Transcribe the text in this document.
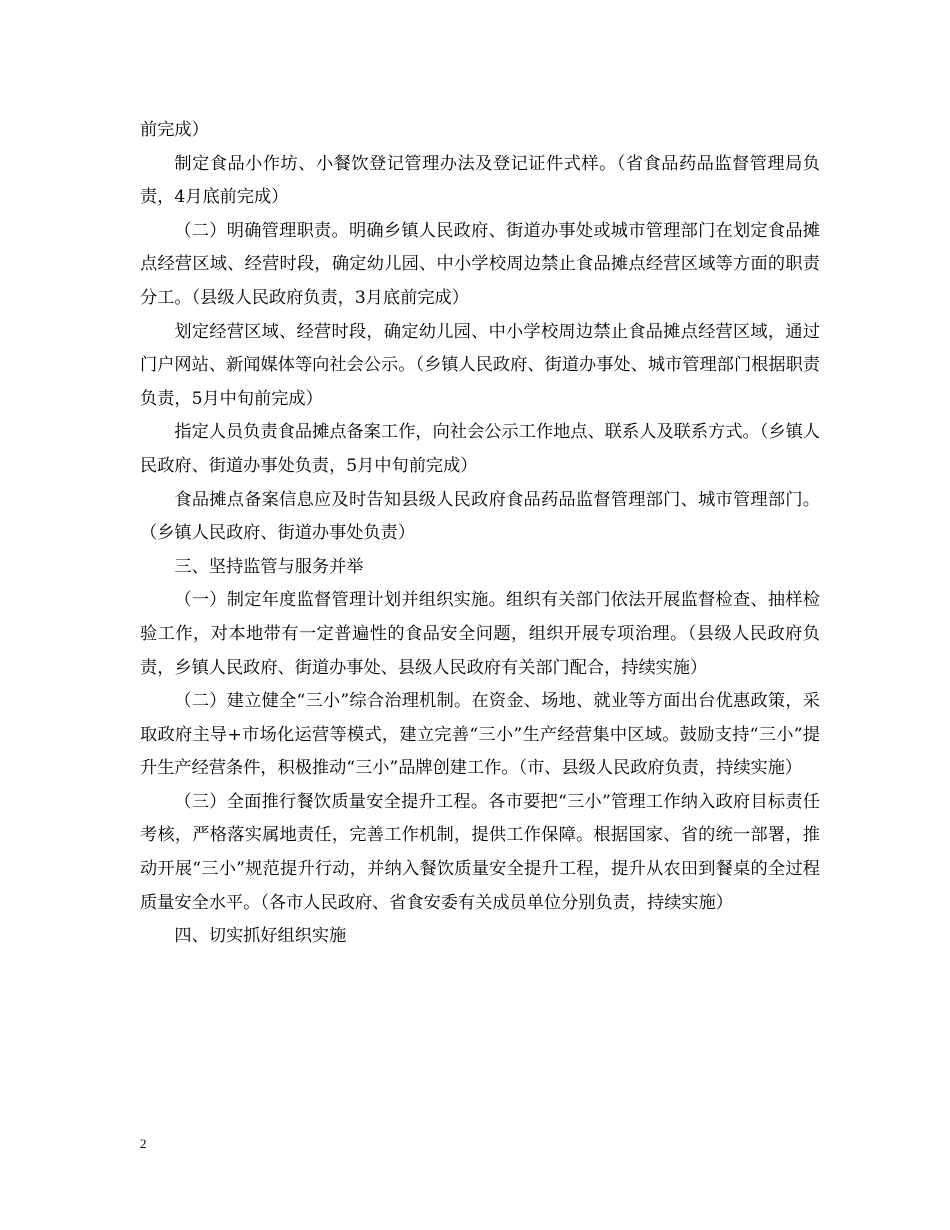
前完成）

制定食品小作坊、小餐饮登记管理办法及登记证件式样。（省食品药品监督管理局负责，4月底前完成）

（二）明确管理职责。明确乡镇人民政府、街道办事处或城市管理部门在划定食品摊点经营区域、经营时段，确定幼儿园、中小学校周边禁止食品摊点经营区域等方面的职责分工。（县级人民政府负责，3月底前完成）

划定经营区域、经营时段，确定幼儿园、中小学校周边禁止食品摊点经营区域，通过门户网站、新闻媒体等向社会公示。（乡镇人民政府、街道办事处、城市管理部门根据职责负责，5月中旬前完成）

指定人员负责食品摊点备案工作，向社会公示工作地点、联系人及联系方式。（乡镇人民政府、街道办事处负责，5月中旬前完成）

食品摊点备案信息应及时告知县级人民政府食品药品监督管理部门、城市管理部门。（乡镇人民政府、街道办事处负责）

三、坚持监管与服务并举

（一）制定年度监督管理计划并组织实施。组织有关部门依法开展监督检查、抽样检验工作，对本地带有一定普遍性的食品安全问题，组织开展专项治理。（县级人民政府负责，乡镇人民政府、街道办事处、县级人民政府有关部门配合，持续实施）

（二）建立健全“三小”综合治理机制。在资金、场地、就业等方面出台优惠政策，采取政府主导+市场化运营等模式，建立完善“三小”生产经营集中区域。鼓励支持“三小”提升生产经营条件，积极推动“三小”品牌创建工作。（市、县级人民政府负责，持续实施）

（三）全面推行餐饮质量安全提升工程。各市要把“三小”管理工作纳入政府目标责任考核，严格落实属地责任，完善工作机制，提供工作保障。根据国家、省的统一部署，推动开展“三小”规范提升行动，并纳入餐饮质量安全提升工程，提升从农田到餐桌的全过程质量安全水平。（各市人民政府、省食安委有关成员单位分别负责，持续实施）

四、切实抓好组织实施

2
